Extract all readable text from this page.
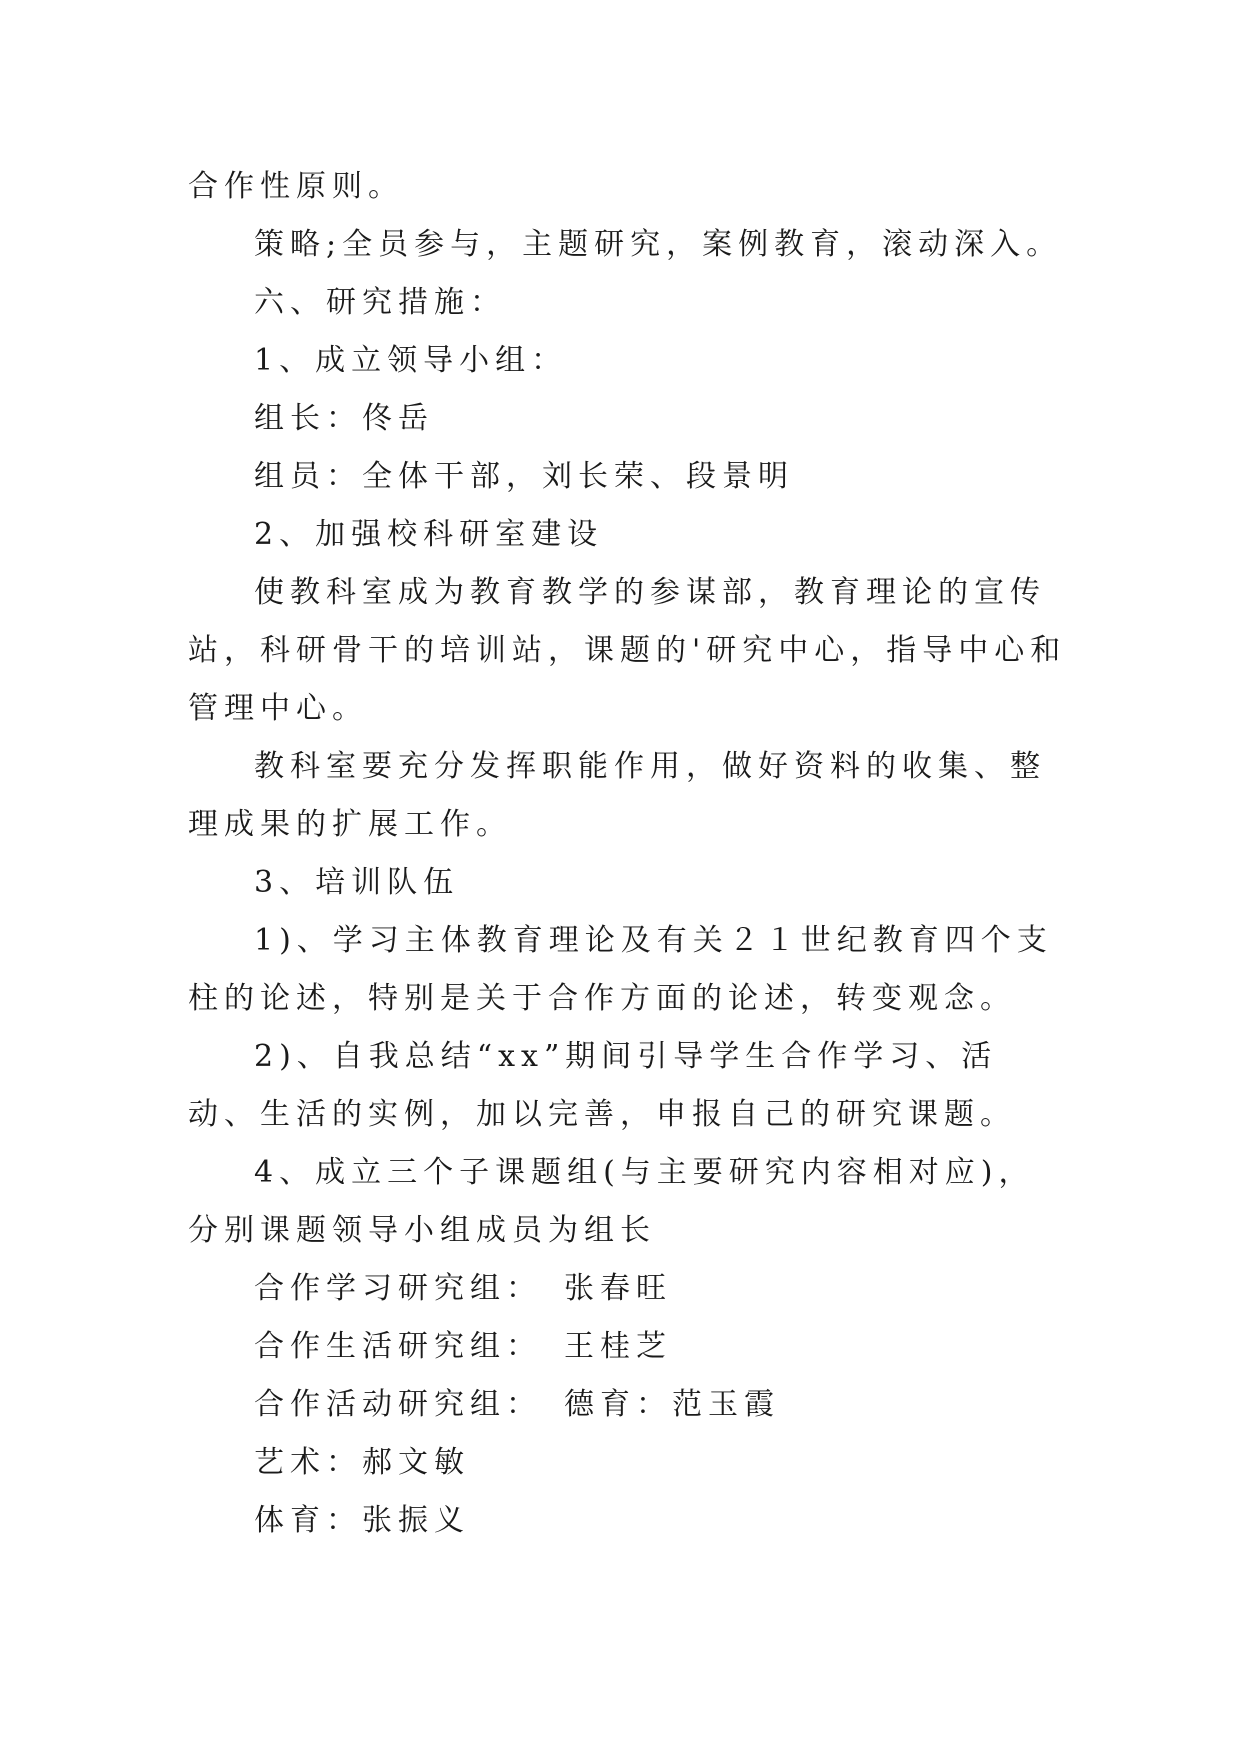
合作性原则。

策略;全员参与，主题研究，案例教育，滚动深入。

六、研究措施：

1、成立领导小组：

组长：佟岳

组员：全体干部，刘长荣、段景明

2、加强校科研室建设

使教科室成为教育教学的参谋部，教育理论的宣传站，科研骨干的培训站，课题的'研究中心，指导中心和管理中心。

教科室要充分发挥职能作用，做好资料的收集、整理成果的扩展工作。

3、培训队伍

1)、学习主体教育理论及有关２１世纪教育四个支柱的论述，特别是关于合作方面的论述，转变观念。

2)、自我总结“xx”期间引导学生合作学习、活动、生活的实例，加以完善，申报自己的研究课题。

4、成立三个子课题组(与主要研究内容相对应)，分别课题领导小组成员为组长

合作学习研究组： 张春旺

合作生活研究组： 王桂芝

合作活动研究组： 德育：范玉霞

艺术：郝文敏

体育：张振义
